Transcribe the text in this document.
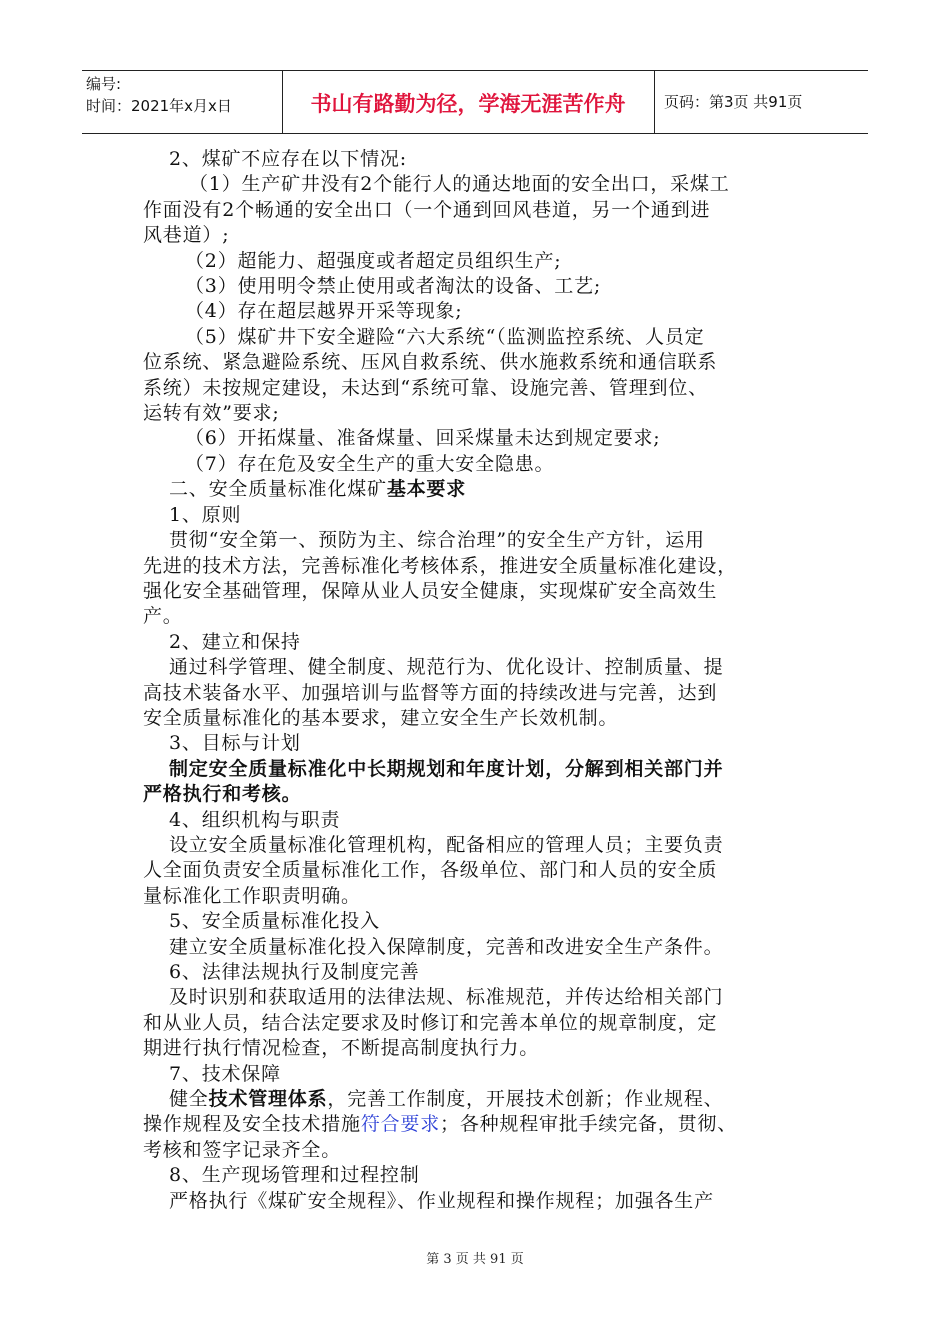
编号:
时间：2021年x月x日	书山有路勤为径，学海无涯苦作舟	页码：第3页 共91页
2、煤矿不应存在以下情况:
（1）生产矿井没有2个能行人的通达地面的安全出口，采煤工
作面没有2个畅通的安全出口（一个通到回风巷道，另一个通到进
风巷道）;
（2）超能力、超强度或者超定员组织生产;
（3）使用明令禁止使用或者淘汰的设备、工艺;
（4）存在超层越界开采等现象;
（5）煤矿井下安全避险“六大系统“（监测监控系统、人员定
位系统、紧急避险系统、压风自救系统、供水施救系统和通信联系
系统）未按规定建设，未达到“系统可靠、设施完善、管理到位、
运转有效”要求;
（6）开拓煤量、准备煤量、回采煤量未达到规定要求;
（7）存在危及安全生产的重大安全隐患。
二、安全质量标准化煤矿基本要求
1、原则
贯彻“安全第一、预防为主、综合治理”的安全生产方针，运用
先进的技术方法，完善标准化考核体系，推进安全质量标准化建设，
强化安全基础管理，保障从业人员安全健康，实现煤矿安全高效生
产。
2、建立和保持
通过科学管理、健全制度、规范行为、优化设计、控制质量、提
高技术装备水平、加强培训与监督等方面的持续改进与完善，达到
安全质量标准化的基本要求，建立安全生产长效机制。
3、目标与计划
制定安全质量标准化中长期规划和年度计划，分解到相关部门并
严格执行和考核。
4、组织机构与职责
设立安全质量标准化管理机构，配备相应的管理人员；主要负责
人全面负责安全质量标准化工作，各级单位、部门和人员的安全质
量标准化工作职责明确。
5、安全质量标准化投入
建立安全质量标准化投入保障制度，完善和改进安全生产条件。
6、法律法规执行及制度完善
及时识别和获取适用的法律法规、标准规范，并传达给相关部门
和从业人员，结合法定要求及时修订和完善本单位的规章制度，定
期进行执行情况检查，不断提高制度执行力。
7、技术保障
健全技术管理体系，完善工作制度，开展技术创新；作业规程、
操作规程及安全技术措施符合要求；各种规程审批手续完备，贯彻、
考核和签字记录齐全。
8、生产现场管理和过程控制
严格执行《煤矿安全规程》、作业规程和操作规程；加强各生产
第 3 页 共 91 页
